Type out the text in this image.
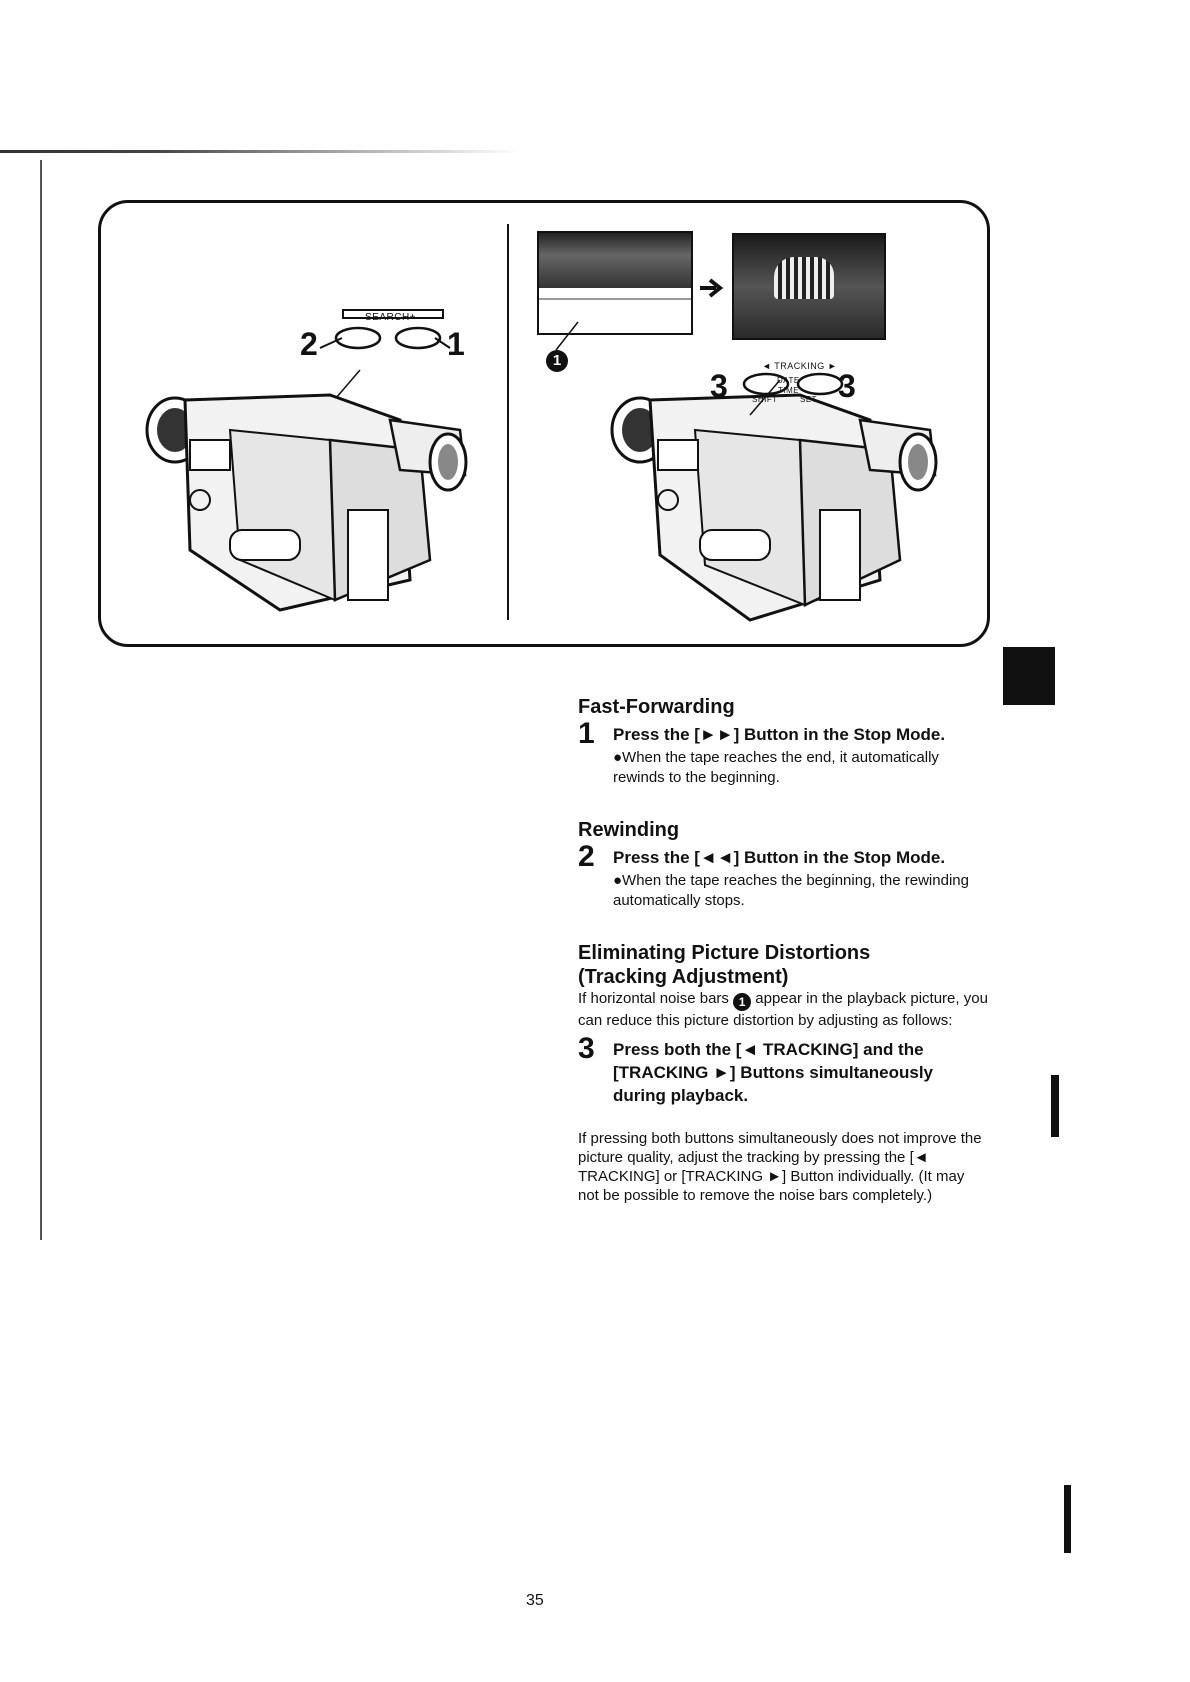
2	1
SEARCH+
1
3	3
◄ TRACKING ►
DATE
TIME
SHIFT	SET
Fast-Forwarding
1 Press the [►►] Button in the Stop Mode.
●When the tape reaches the end, it automatically rewinds to the beginning.
Rewinding
2 Press the [◄◄] Button in the Stop Mode.
●When the tape reaches the beginning, the rewinding automatically stops.
Eliminating Picture Distortions
(Tracking Adjustment)
If horizontal noise bars 1 appear in the playback picture, you can reduce this picture distortion by adjusting as follows:
3 Press both the [◄ TRACKING] and the [TRACKING ►] Buttons simultaneously during playback.
If pressing both buttons simultaneously does not improve the picture quality, adjust the tracking by pressing the [◄ TRACKING] or [TRACKING ►] Button individually. (It may not be possible to remove the noise bars completely.)
35
